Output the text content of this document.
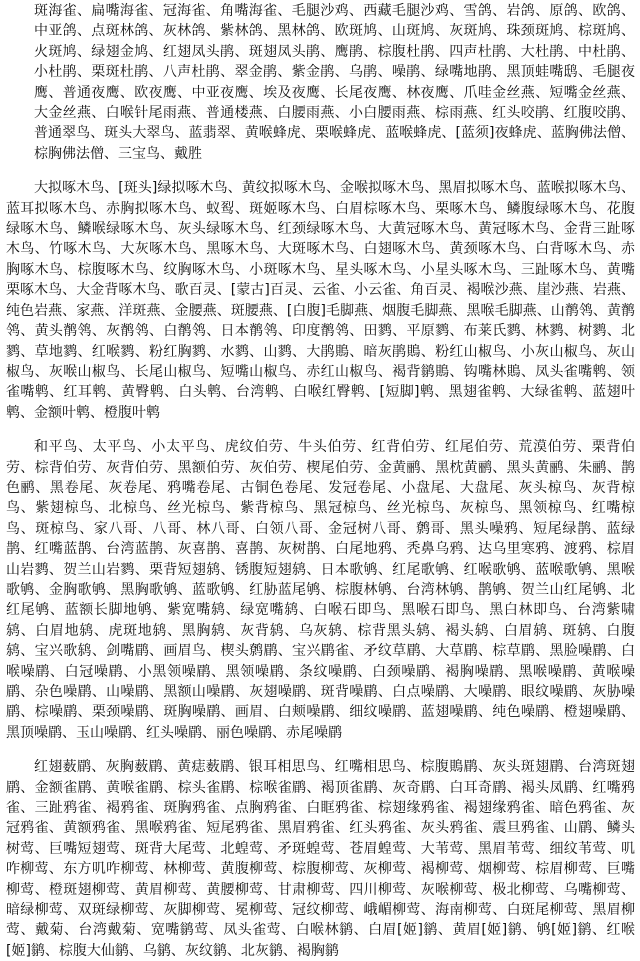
斑海雀、扁嘴海雀、冠海雀、角嘴海雀、毛腿沙鸡、西藏毛腿沙鸡、雪鸽、岩鸽、原鸽、欧鸽、中亚鸽、点斑林鸽、灰林鸽、紫林鸽、黑林鸽、欧斑鸠、山斑鸠、灰斑鸠、珠颈斑鸠、棕斑鸠、火斑鸠、绿翅金鸠、红翅凤头鹃、斑翅凤头鹃、鹰鹃、棕腹杜鹃、四声杜鹃、大杜鹃、中杜鹃、小杜鹃、栗斑杜鹃、八声杜鹃、翠金鹃、紫金鹃、乌鹃、噪鹃、绿嘴地鹃、黑顶蛙嘴鸱、毛腿夜鹰、普通夜鹰、欧夜鹰、中亚夜鹰、埃及夜鹰、长尾夜鹰、林夜鹰、爪哇金丝燕、短嘴金丝燕、大金丝燕、白喉针尾雨燕、普通楼燕、白腰雨燕、小白腰雨燕、棕雨燕、红头咬鹃、红腹咬鹃、普通翠鸟、斑头大翠鸟、蓝翡翠、黄喉蜂虎、栗喉蜂虎、蓝喉蜂虎、[蓝须]夜蜂虎、蓝胸佛法僧、棕胸佛法僧、三宝鸟、戴胜

大拟啄木鸟、[斑头]绿拟啄木鸟、黄纹拟啄木鸟、金喉拟啄木鸟、黑眉拟啄木鸟、蓝喉拟啄木鸟、蓝耳拟啄木鸟、赤胸拟啄木鸟、蚁䴕、斑姬啄木鸟、白眉棕啄木鸟、栗啄木鸟、鳞腹绿啄木鸟、花腹绿啄木鸟、鳞喉绿啄木鸟、灰头绿啄木鸟、红颈绿啄木鸟、大黄冠啄木鸟、黄冠啄木鸟、金背三趾啄木鸟、竹啄木鸟、大灰啄木鸟、黑啄木鸟、大斑啄木鸟、白翅啄木鸟、黄颈啄木鸟、白背啄木鸟、赤胸啄木鸟、棕腹啄木鸟、纹胸啄木鸟、小斑啄木鸟、星头啄木鸟、小星头啄木鸟、三趾啄木鸟、黄嘴栗啄木鸟、大金背啄木鸟、歌百灵、[蒙古]百灵、云雀、小云雀、角百灵、褐喉沙燕、崖沙燕、岩燕、纯色岩燕、家燕、洋斑燕、金腰燕、斑腰燕、[白腹]毛脚燕、烟腹毛脚燕、黑喉毛脚燕、山鹡鸰、黄鹡鸰、黄头鹡鸰、灰鹡鸰、白鹡鸰、日本鹡鸰、印度鹡鸰、田鹨、平原鹨、布莱氏鹨、林鹨、树鹨、北鹨、草地鹨、红喉鹨、粉红胸鹨、水鹨、山鹨、大鹃鵙、暗灰鹃鵙、粉红山椒鸟、小灰山椒鸟、灰山椒鸟、灰喉山椒鸟、长尾山椒鸟、短嘴山椒鸟、赤红山椒鸟、褐背鹟鵙、钩嘴林鵙、凤头雀嘴鹎、领雀嘴鹎、红耳鹎、黄臀鹎、白头鹎、台湾鹎、白喉红臀鹎、[短脚]鹎、黑翅雀鹎、大绿雀鹎、蓝翅叶鹎、金额叶鹎、橙腹叶鹎

和平鸟、太平鸟、小太平鸟、虎纹伯劳、牛头伯劳、红背伯劳、红尾伯劳、荒漠伯劳、栗背伯劳、棕背伯劳、灰背伯劳、黑额伯劳、灰伯劳、楔尾伯劳、金黄鹂、黑枕黄鹂、黑头黄鹂、朱鹂、鹊色鹂、黑卷尾、灰卷尾、鸦嘴卷尾、古铜色卷尾、发冠卷尾、小盘尾、大盘尾、灰头椋鸟、灰背椋鸟、紫翅椋鸟、北椋鸟、丝光椋鸟、紫背椋鸟、黑冠椋鸟、丝光椋鸟、灰椋鸟、黑领椋鸟、红嘴椋鸟、斑椋鸟、家八哥、八哥、林八哥、白领八哥、金冠树八哥、鹩哥、黑头噪鸦、短尾绿鹊、蓝绿鹊、红嘴蓝鹊、台湾蓝鹊、灰喜鹊、喜鹊、灰树鹊、白尾地鸦、秃鼻乌鸦、达乌里寒鸦、渡鸦、棕眉山岩鹨、贺兰山岩鹨、栗背短翅鸫、锈腹短翅鸫、日本歌鸲、红尾歌鸲、红喉歌鸲、蓝喉歌鸲、黑喉歌鸲、金胸歌鸲、黑胸歌鸲、蓝歌鸲、红胁蓝尾鸲、棕腹林鸲、台湾林鸲、鹊鸲、贺兰山红尾鸲、北红尾鸲、蓝额长脚地鸲、紫宽嘴鸫、绿宽嘴鸫、白喉石即鸟、黑喉石即鸟、黑白林即鸟、台湾紫啸鸫、白眉地鸫、虎斑地鸫、黑胸鸫、灰背鸫、乌灰鸫、棕背黑头鸫、褐头鸫、白眉鸫、斑鸫、白腹鸫、宝兴歌鸫、剑嘴鹛、画眉鸟、楔头鹩鹛、宝兴鹛雀、矛纹草鹛、大草鹛、棕草鹛、黑脸噪鹛、白喉噪鹛、白冠噪鹛、小黑领噪鹛、黑领噪鹛、条纹噪鹛、白颈噪鹛、褐胸噪鹛、黑喉噪鹛、黄喉噪鹛、杂色噪鹛、山噪鹛、黑额山噪鹛、灰翅噪鹛、斑背噪鹛、白点噪鹛、大噪鹛、眼纹噪鹛、灰胁噪鹛、棕噪鹛、栗颈噪鹛、斑胸噪鹛、画眉、白颊噪鹛、细纹噪鹛、蓝翅噪鹛、纯色噪鹛、橙翅噪鹛、黑顶噪鹛、玉山噪鹛、红头噪鹛、丽色噪鹛、赤尾噪鹛

红翅薮鹛、灰胸薮鹛、黄痣薮鹛、银耳相思鸟、红嘴相思鸟、棕腹鵙鹛、灰头斑翅鹛、台湾斑翅鹛、金额雀鹛、黄喉雀鹛、棕头雀鹛、棕喉雀鹛、褐顶雀鹛、灰奇鹛、白耳奇鹛、褐头凤鹛、红嘴鸦雀、三趾鸦雀、褐鸦雀、斑胸鸦雀、点胸鸦雀、白眶鸦雀、棕翅缘鸦雀、褐翅缘鸦雀、暗色鸦雀、灰冠鸦雀、黄额鸦雀、黑喉鸦雀、短尾鸦雀、黑眉鸦雀、红头鸦雀、灰头鸦雀、震旦鸦雀、山鹛、鳞头树莺、巨嘴短翅莺、斑背大尾莺、北蝗莺、矛斑蝗莺、苍眉蝗莺、大苇莺、黑眉苇莺、细纹苇莺、叽咋柳莺、东方叽咋柳莺、林柳莺、黄腹柳莺、棕腹柳莺、灰柳莺、褐柳莺、烟柳莺、棕眉柳莺、巨嘴柳莺、橙斑翅柳莺、黄眉柳莺、黄腰柳莺、甘肃柳莺、四川柳莺、灰喉柳莺、极北柳莺、乌嘴柳莺、暗绿柳莺、双斑绿柳莺、灰脚柳莺、冕柳莺、冠纹柳莺、峨嵋柳莺、海南柳莺、白斑尾柳莺、黑眉柳莺、戴菊、台湾戴菊、宽嘴鹟莺、凤头雀莺、白喉林鹟、白眉[姬]鹟、黄眉[姬]鹟、鸲[姬]鹟、红喉[姬]鹟、棕腹大仙鹟、乌鹟、灰纹鹟、北灰鹟、褐胸鹟
